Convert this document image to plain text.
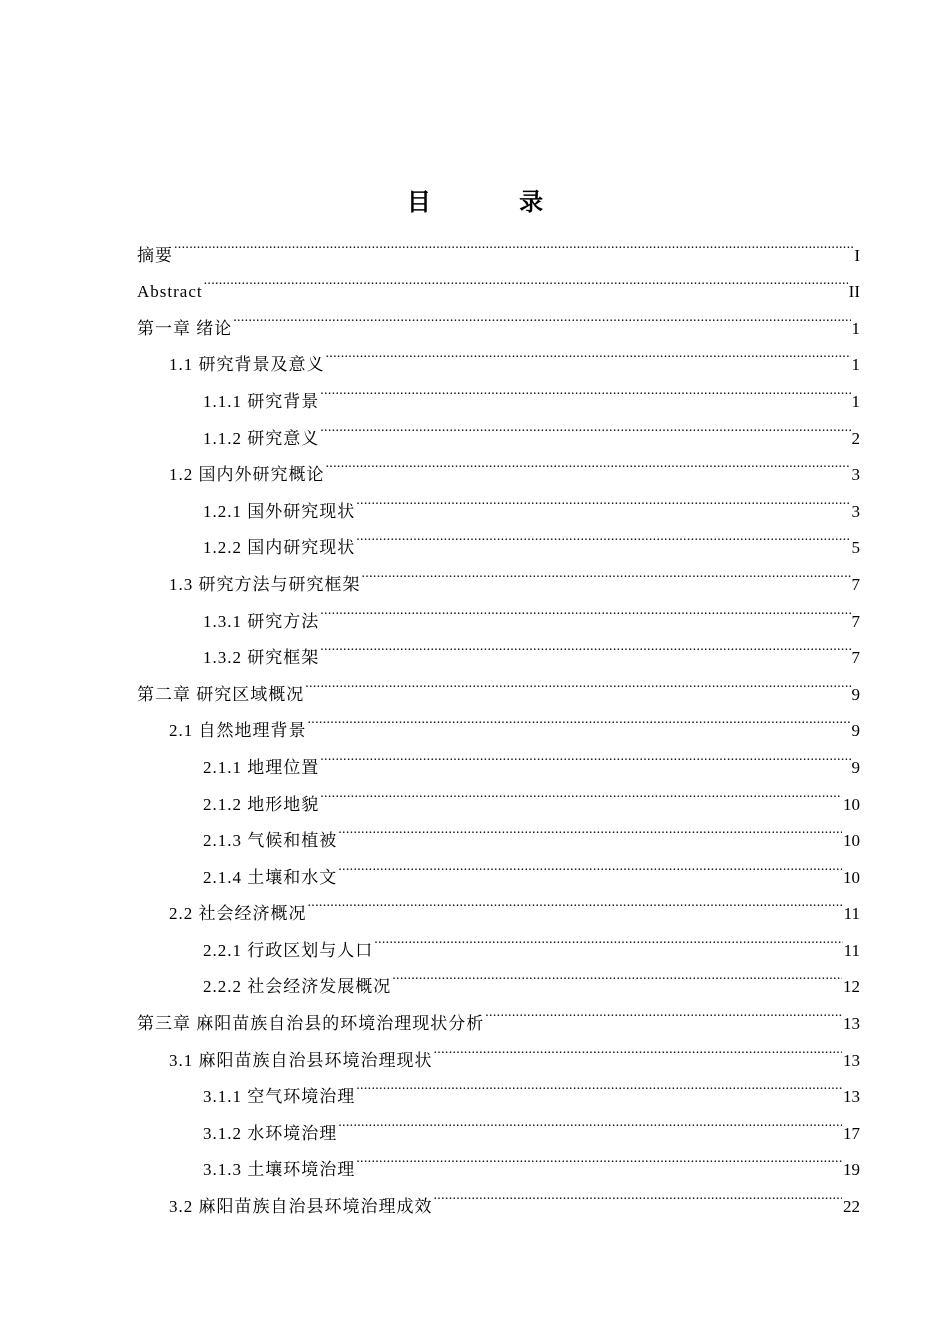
目 录
摘要 .....	I
Abstract .....	II
第一章 绪论 .....	1
1.1 研究背景及意义 .....	1
1.1.1 研究背景 .....	1
1.1.2 研究意义 .....	2
1.2 国内外研究概论 .....	3
1.2.1 国外研究现状 .....	3
1.2.2 国内研究现状 .....	5
1.3 研究方法与研究框架 .....	7
1.3.1 研究方法 .....	7
1.3.2 研究框架 .....	7
第二章 研究区域概况 .....	9
2.1 自然地理背景 .....	9
2.1.1 地理位置 .....	9
2.1.2 地形地貌 .....	10
2.1.3 气候和植被 .....	10
2.1.4 土壤和水文 .....	10
2.2 社会经济概况 .....	11
2.2.1 行政区划与人口 .....	11
2.2.2 社会经济发展概况 .....	12
第三章 麻阳苗族自治县的环境治理现状分析 .....	13
3.1 麻阳苗族自治县环境治理现状 .....	13
3.1.1 空气环境治理 .....	13
3.1.2 水环境治理 .....	17
3.1.3 土壤环境治理 .....	19
3.2 麻阳苗族自治县环境治理成效 .....	22
